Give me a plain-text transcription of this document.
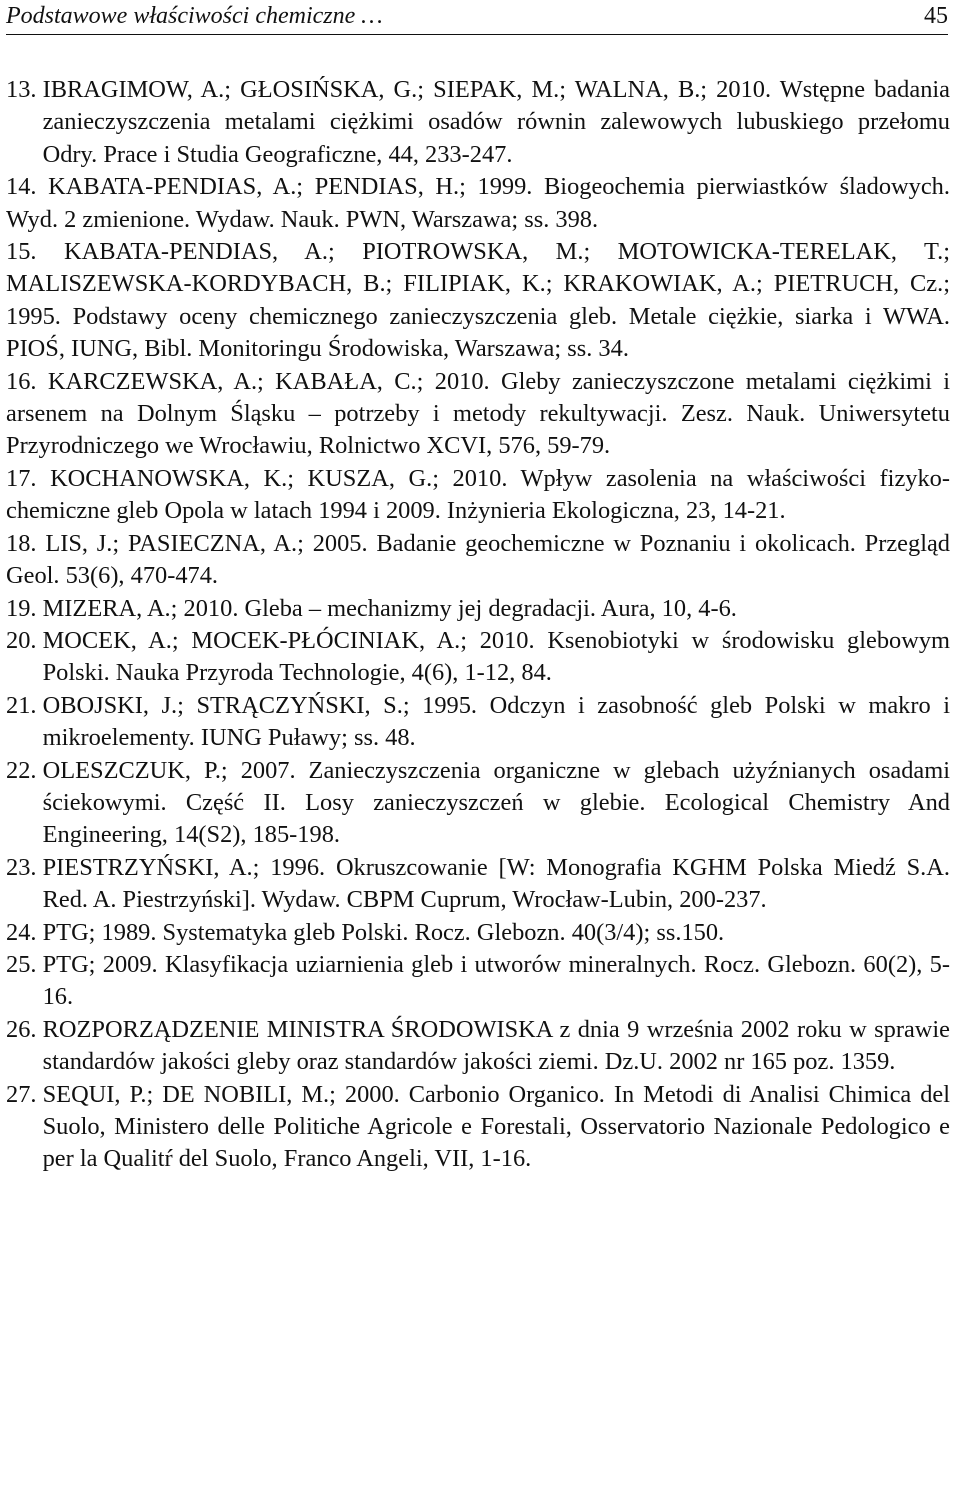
Podstawowe właściwości chemiczne …	45
13.
IBRAGIMOW, A.; GŁOSIŃSKA, G.; SIEPAK, M.; WALNA, B.; 2010. Wstępne badania zanieczyszczenia metalami ciężkimi osadów równin zalewowych lubuskiego przełomu Odry. Prace i Studia Geograficzne, 44, 233-247.
14. KABATA-PENDIAS, A.; PENDIAS, H.; 1999. Biogeochemia pierwiastków śladowych. Wyd. 2 zmienione. Wydaw. Nauk. PWN, Warszawa; ss. 398.
15. KABATA-PENDIAS, A.; PIOTROWSKA, M.; MOTOWICKA-TERELAK, T.; MALISZEWSKA-KORDYBACH, B.; FILIPIAK, K.; KRAKOWIAK, A.; PIETRUCH, Cz.; 1995. Podstawy oceny chemicznego zanieczyszczenia gleb. Metale ciężkie, siarka i WWA. PIOŚ, IUNG, Bibl. Monitoringu Środowiska, Warszawa; ss. 34.
16. KARCZEWSKA, A.; KABAŁA, C.; 2010. Gleby zanieczyszczone metalami ciężkimi i arsenem na Dolnym Śląsku – potrzeby i metody rekultywacji. Zesz. Nauk. Uniwersytetu Przyrodniczego we Wrocławiu, Rolnictwo XCVI, 576, 59-79.
17. KOCHANOWSKA, K.; KUSZA, G.; 2010. Wpływ zasolenia na właściwości fizyko-chemiczne gleb Opola w latach 1994 i 2009. Inżynieria Ekologiczna, 23, 14-21.
18. LIS, J.; PASIECZNA, A.; 2005. Badanie geochemiczne w Poznaniu i okolicach. Przegląd Geol. 53(6), 470-474.
19.
MIZERA, A.; 2010. Gleba – mechanizmy jej degradacji. Aura, 10, 4-6.
20.
MOCEK, A.; MOCEK-PŁÓCINIAK, A.; 2010. Ksenobiotyki w środowisku glebowym Polski. Nauka Przyroda Technologie, 4(6), 1-12, 84.
21.
OBOJSKI, J.; STRĄCZYŃSKI, S.; 1995. Odczyn i zasobność gleb Polski w makro i mikroelementy. IUNG Puławy; ss. 48.
22.
OLESZCZUK, P.; 2007. Zanieczyszczenia organiczne w glebach użyźnianych osadami ściekowymi. Część II. Losy zanieczyszczeń w glebie. Ecological Chemistry And Engineering, 14(S2), 185-198.
23.
PIESTRZYŃSKI, A.; 1996. Okruszcowanie [W: Monografia KGHM Polska Miedź S.A. Red. A. Piestrzyński]. Wydaw. CBPM Cuprum, Wrocław-Lubin, 200-237.
24.
PTG; 1989. Systematyka gleb Polski. Rocz. Glebozn. 40(3/4); ss.150.
25.
PTG; 2009. Klasyfikacja uziarnienia gleb i utworów mineralnych. Rocz. Glebozn. 60(2), 5-16.
26.
ROZPORZĄDZENIE MINISTRA ŚRODOWISKA z dnia 9 września 2002 roku w sprawie standardów jakości gleby oraz standardów jakości ziemi. Dz.U. 2002 nr 165 poz. 1359.
27.
SEQUI, P.; DE NOBILI, M.; 2000. Carbonio Organico. In Metodi di Analisi Chimica del Suolo, Ministero delle Politiche Agricole e Forestali, Osservatorio Nazionale Pedologico e per la Qualitŕ del Suolo, Franco Angeli, VII, 1-16.
